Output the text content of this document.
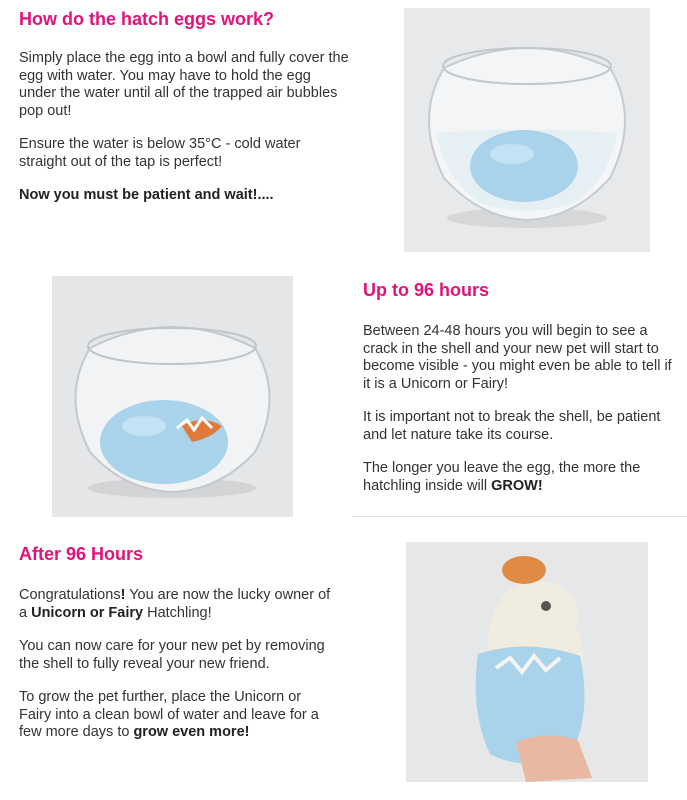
How do the hatch eggs work?

Simply place the egg into a bowl and fully cover the egg with water. You may have to hold the egg under the water until all of the trapped air bubbles pop out!

Ensure the water is below 35°C - cold water straight out of the tap is perfect!

Now you must be patient and wait!....

Up to 96 hours

Between 24-48 hours you will begin to see a crack in the shell and your new pet will start to become visible - you might even be able to tell if it is a Unicorn or Fairy!

It is important not to break the shell, be patient and let nature take its course.

The longer you leave the egg, the more the hatchling inside will GROW!

After 96 Hours

Congratulations! You are now the lucky owner of a Unicorn or Fairy Hatchling!

You can now care for your new pet by removing the shell to fully reveal your new friend.

To grow the pet further, place the Unicorn or Fairy into a clean bowl of water and leave for a few more days to grow even more!
